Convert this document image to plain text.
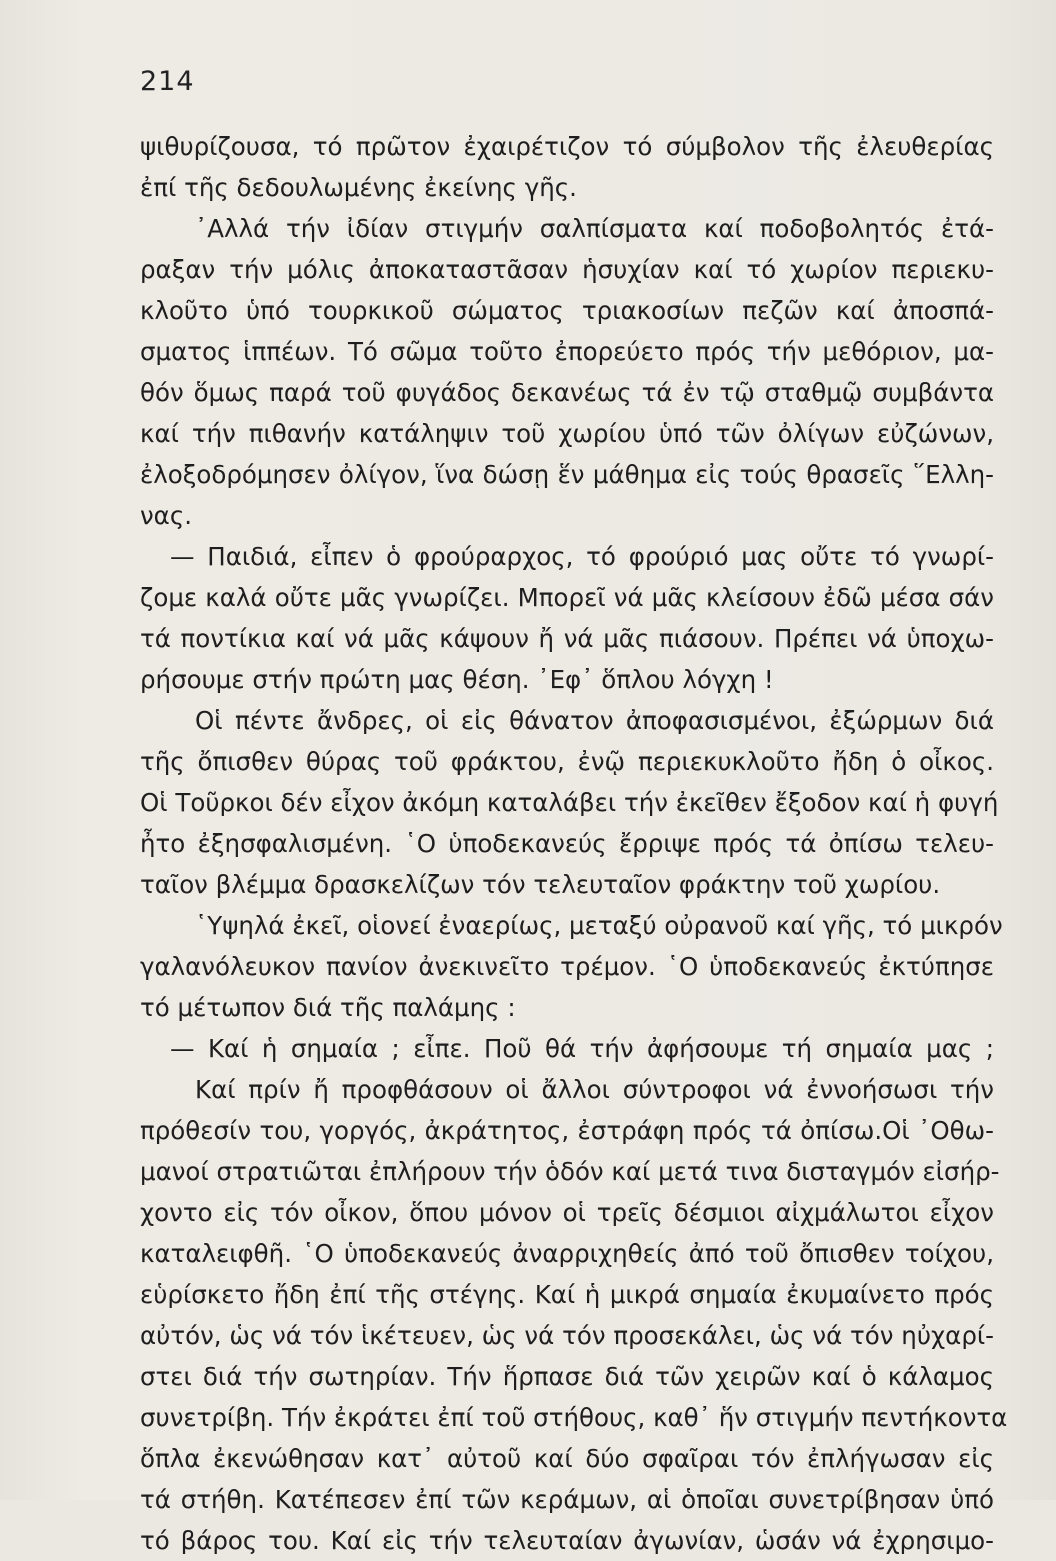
214
ψιθυρίζουσα, τό πρῶτον ἐχαιρέτιζον τό σύμβολον τῆς ἐλευθερίας
ἐπί τῆς δεδουλωμένης ἐκείνης γῆς.
᾿Αλλά τήν ἰδίαν στιγμήν σαλπίσματα καί ποδοβολητός ἐτά-
ραξαν τήν μόλις ἀποκαταστᾶσαν ἡσυχίαν καί τό χωρίον περιεκυ-
κλοῦτο ὑπό τουρκικοῦ σώματος τριακοσίων πεζῶν καί ἀποσπά-
σματος ἱππέων. Τό σῶμα τοῦτο ἐπορεύετο πρός τήν μεθόριον, μα-
θόν ὅμως παρά τοῦ φυγάδος δεκανέως τά ἐν τῷ σταθμῷ συμβάντα
καί τήν πιθανήν κατάληψιν τοῦ χωρίου ὑπό τῶν ὀλίγων εὐζώνων,
ἐλοξοδρόμησεν ὀλίγον, ἵνα δώσῃ ἕν μάθημα εἰς τούς θρασεῖς ῞Ελλη-
νας.
— Παιδιά, εἶπεν ὁ φρούραρχος, τό φρούριό μας οὔτε τό γνωρί-
ζομε καλά οὔτε μᾶς γνωρίζει. Μπορεῖ νά μᾶς κλείσουν ἐδῶ μέσα σάν
τά ποντίκια καί νά μᾶς κάψουν ἤ νά μᾶς πιάσουν. Πρέπει νά ὑποχω-
ρήσουμε στήν πρώτη μας θέση. ᾿Εφ᾿ ὅπλου λόγχη !
Οἱ πέντε ἄνδρες, οἱ εἰς θάνατον ἀποφασισμένοι, ἐξώρμων διά
τῆς ὄπισθεν θύρας τοῦ φράκτου, ἐνῷ περιεκυκλοῦτο ἤδη ὁ οἶκος.
Οἱ Τοῦρκοι δέν εἶχον ἀκόμη καταλάβει τήν ἐκεῖθεν ἔξοδον καί ἡ φυγή
ἦτο ἐξησφαλισμένη. ῾Ο ὑποδεκανεύς ἔρριψε πρός τά ὀπίσω τελευ-
ταῖον βλέμμα δρασκελίζων τόν τελευταῖον φράκτην τοῦ χωρίου.
῾Υψηλά ἐκεῖ, οἱονεί ἐναερίως, μεταξύ οὐρανοῦ καί γῆς, τό μικρόν
γαλανόλευκον πανίον ἀνεκινεῖτο τρέμον. ῾Ο ὑποδεκανεύς ἐκτύπησε
τό μέτωπον διά τῆς παλάμης :
— Καί ἡ σημαία ; εἶπε. Ποῦ θά τήν ἀφήσουμε τή σημαία μας ;
Καί πρίν ἤ προφθάσουν οἱ ἄλλοι σύντροφοι νά ἐννοήσωσι τήν
πρόθεσίν του, γοργός, ἀκράτητος, ἐστράφη πρός τά ὀπίσω.Οἱ ᾿Οθω-
μανοί στρατιῶται ἐπλήρουν τήν ὁδόν καί μετά τινα δισταγμόν εἰσήρ-
χοντο εἰς τόν οἶκον, ὅπου μόνον οἱ τρεῖς δέσμιοι αἰχμάλωτοι εἶχον
καταλειφθῆ. ῾Ο ὑποδεκανεύς ἀναρριχηθείς ἀπό τοῦ ὄπισθεν τοίχου,
εὑρίσκετο ἤδη ἐπί τῆς στέγης. Καί ἡ μικρά σημαία ἐκυμαίνετο πρός
αὐτόν, ὡς νά τόν ἱκέτευεν, ὡς νά τόν προσεκάλει, ὡς νά τόν ηὐχαρί-
στει διά τήν σωτηρίαν. Τήν ἥρπασε διά τῶν χειρῶν καί ὁ κάλαμος
συνετρίβη. Τήν ἐκράτει ἐπί τοῦ στήθους, καθ᾿ ἥν στιγμήν πεντήκοντα
ὅπλα ἐκενώθησαν κατ᾿ αὐτοῦ καί δύο σφαῖραι τόν ἐπλήγωσαν εἰς
τά στήθη. Κατέπεσεν ἐπί τῶν κεράμων, αἱ ὁποῖαι συνετρίβησαν ὑπό
τό βάρος του. Καί εἰς τήν τελευταίαν ἀγωνίαν, ὡσάν νά ἐχρησιμο-
